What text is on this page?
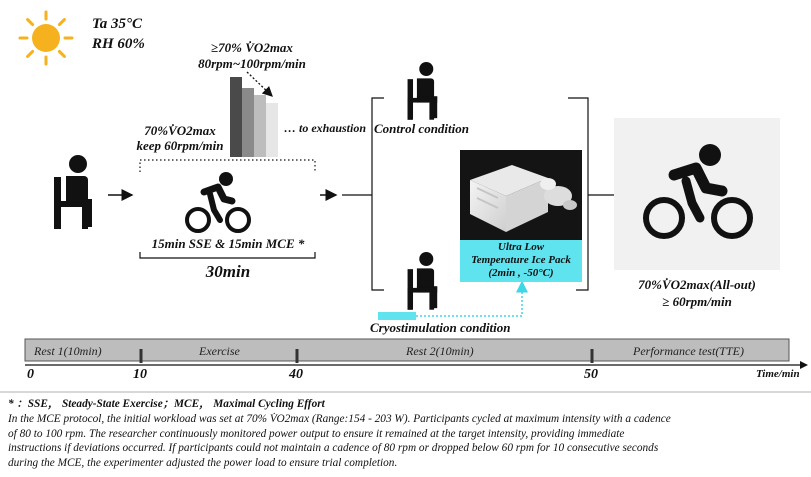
Ta 35°C
RH 60%	≥70% V̇O2max
80rpm~100rpm/min
… to exhaustion
70%V̇O2max
keep 60rpm/min
15min SSE & 15min MCE *
30min
Control condition
Cryostimulation condition
Ultra Low
Temperature Ice Pack
(2min , -50°C)
70%V̇O2max(All-out)
≥ 60rpm/min
Rest 1(10min)	Exercise	Rest 2(10min)	Performance test(TTE)
0	10	40	50	Time/min
* ：SSE， Steady-State Exercise；MCE， Maximal Cycling Effort
In the MCE protocol, the initial workload was set at 70% V̇O2max (Range:154 - 203 W). Participants cycled at maximum intensity with a cadence
of 80 to 100 rpm. The researcher continuously monitored power output to ensure it remained at the target intensity, providing immediate
instructions if deviations occurred. If participants could not maintain a cadence of 80 rpm or dropped below 60 rpm for 10 consecutive seconds
during the MCE, the experimenter adjusted the power load to ensure trial completion.
